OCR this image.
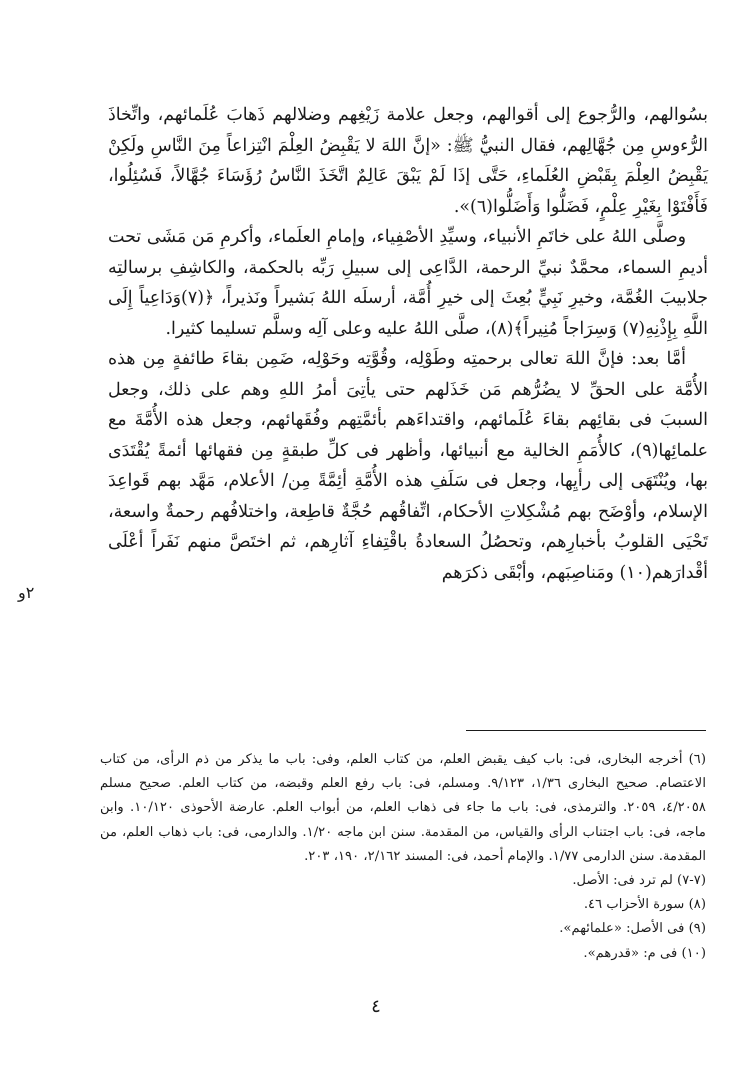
بسُوالهم، والرُّجوع إلى أقوالهم، وجعل علامة زَيْغِهم وضلالهم ذَهابَ عُلَمائهم، واتِّخاذَ الرُّءوسِ مِن جُهَّالِهم، فقال النبيُّ ﷺ: «إنَّ اللهَ لا يَقْبِضُ العِلْمَ انْتِزاعاً مِنَ النَّاسِ ولَكِنْ يَقْبِضُ العِلْمَ بِقَبْضِ العُلَماءِ، حَتَّى إذَا لَمْ يَبْقَ عَالِمٌ اتَّخَذَ النَّاسُ رُؤَسَاءَ جُهَّالاً، فَسُئِلُوا، فَأَفْتَوْا بِغَيْرِ عِلْمٍ، فَضَلُّوا وَأَضَلُّوا(٦)».

وصلَّى اللهُ على خاتَمِ الأنبياء، وسيِّدِ الأصْفِياء، وإمامِ العلَماء، وأكرمِ مَن مَشَى تحت أديمِ السماء، محمَّدٌ نبيِّ الرحمة، الدَّاعِى إلى سبيلِ رَبِّه بالحكمة، والكاشِفِ برسالتِه جلابيبَ الغُمَّة، وخيرِ نَبِيٍّ بُعِثَ إلى خيرِ أُمَّة، أرسلَه اللهُ بَشيراً ونَذيراً، ﴿(٧)وَدَاعِياً إِلَى اللَّهِ بِإِذْنِهِ(٧) وَسِرَاجاً مُنِيراً﴾(٨)، صلَّى اللهُ عليه وعلى آلِه وسلَّم تسليما كثيرا.

أمَّا بعد: فإنَّ اللهَ تعالى برحمتِه وطَوْلِه، وقُوَّتِه وحَوْلِه، ضَمِن بقاءَ طائفةٍ مِن هذه الأُمَّة على الحقِّ لا يضُرُّهم مَن خَذَلهم حتى يأتِىَ أمرُ اللهِ وهم على ذلك، وجعل السببَ فى بقائِهم بقاءَ عُلَمائهم، واقتداءَهم بأئمَّتِهم وفُقَهائهم، وجعل هذه الأُمَّةَ مع علمائِها(٩)، كالأُمَمِ الخالية مع أنبيائها، وأظهر فى كلِّ طبقةٍ مِن فقهائها أئمةً يُقْتَدَى بها، ويُنْتَهَى إلى رأيِها، وجعل فى سَلَفِ هذه الأُمَّةِ أئِمَّةً مِن/ الأعلام، مَهَّد بهم قَواعِدَ الإسلام، وأوْضَح بهم مُشْكِلاتِ الأحكام، اتِّفاقُهم حُجَّةٌ قاطِعة، واختلافُهم رحمةٌ واسعة، تَحْيَى القلوبُ بأخبارِهم، وتحصُلُ السعادةُ باقْتِفاءِ آثارِهم، ثم اختَصَّ منهم نَفَراً أعْلَى أقْدارَهم(١٠) ومَناصِبَهم، وأبْقَى ذكرَهم

٢و

(٦) أخرجه البخارى، فى: باب كيف يقبض العلم، من كتاب العلم، وفى: باب ما يذكر من ذم الرأى، من كتاب الاعتصام. صحيح البخارى ١/٣٦، ٩/١٢٣. ومسلم، فى: باب رفع العلم وقبضه، من كتاب العلم. صحيح مسلم ٤/٢٠٥٨، ٢٠٥٩. والترمذى، فى: باب ما جاء فى ذهاب العلم، من أبواب العلم. عارضة الأحوذى ١٠/١٢٠. وابن ماجه، فى: باب اجتناب الرأى والقياس، من المقدمة. سنن ابن ماجه ١/٢٠. والدارمى، فى: باب ذهاب العلم، من المقدمة. سنن الدارمى ١/٧٧. والإمام أحمد، فى: المسند ٢/١٦٢، ١٩٠، ٢٠٣.

(٧-٧) لم ترد فى: الأصل.

(٨) سورة الأحزاب ٤٦.

(٩) فى الأصل: «علمائهم».

(١٠) فى م: «قدرهم».

٤
